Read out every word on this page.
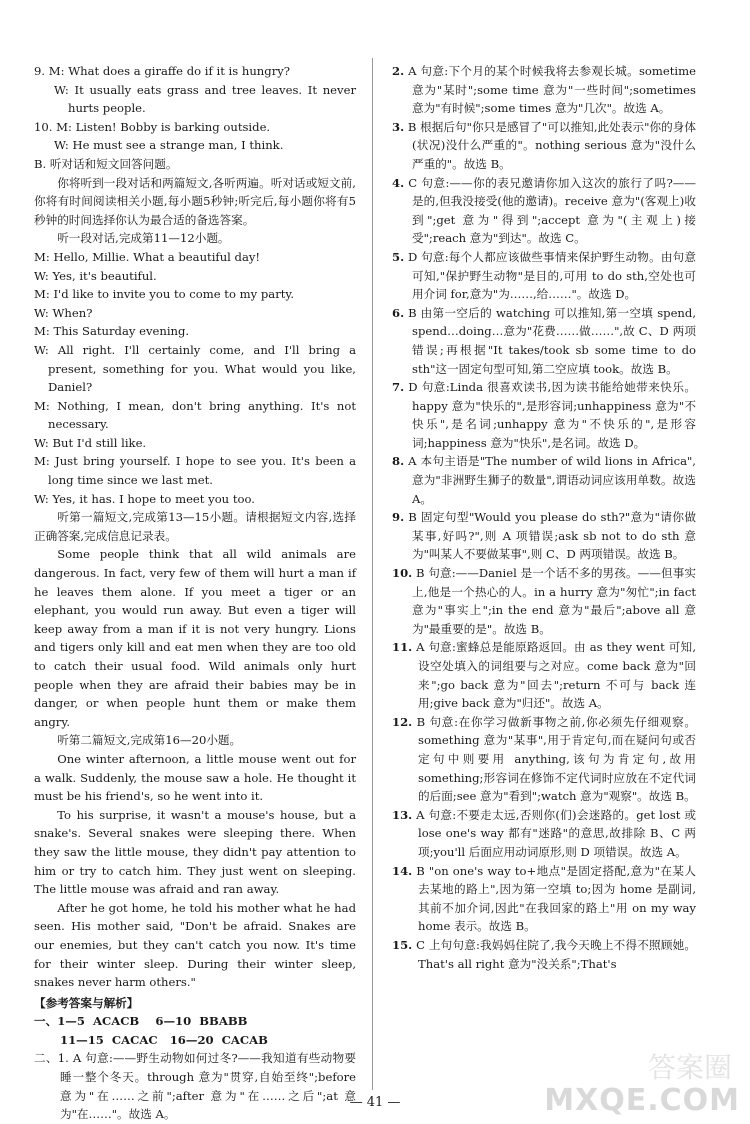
9. M: What does a giraffe do if it is hungry?

W: It usually eats grass and tree leaves. It never hurts people.

10. M: Listen! Bobby is barking outside.

W: He must see a strange man, I think.

B. 听对话和短文回答问题。

你将听到一段对话和两篇短文,各听两遍。听对话或短文前,你将有时间阅读相关小题,每小题5秒钟;听完后,每小题你将有5秒钟的时间选择你认为最合适的备选答案。

听一段对话,完成第11—12小题。

M: Hello, Millie. What a beautiful day!

W: Yes, it's beautiful.

M: I'd like to invite you to come to my party.

W: When?

M: This Saturday evening.

W: All right. I'll certainly come, and I'll bring a present, something for you. What would you like, Daniel?

M: Nothing, I mean, don't bring anything. It's not necessary.

W: But I'd still like.

M: Just bring yourself. I hope to see you. It's been a long time since we last met.

W: Yes, it has. I hope to meet you too.

听第一篇短文,完成第13—15小题。请根据短文内容,选择正确答案,完成信息记录表。

Some people think that all wild animals are dangerous. In fact, very few of them will hurt a man if he leaves them alone. If you meet a tiger or an elephant, you would run away. But even a tiger will keep away from a man if it is not very hungry. Lions and tigers only kill and eat men when they are too old to catch their usual food. Wild animals only hurt people when they are afraid their babies may be in danger, or when people hunt them or make them angry.

听第二篇短文,完成第16—20小题。

One winter afternoon, a little mouse went out for a walk. Suddenly, the mouse saw a hole. He thought it must be his friend's, so he went into it.

To his surprise, it wasn't a mouse's house, but a snake's. Several snakes were sleeping there. When they saw the little mouse, they didn't pay attention to him or try to catch him. They just went on sleeping. The little mouse was afraid and ran away.

After he got home, he told his mother what he had seen. His mother said, "Don't be afraid. Snakes are our enemies, but they can't catch you now. It's time for their winter sleep. During their winter sleep, snakes never harm others."

【参考答案与解析】

一、1—5  ACACB    6—10  BBABB

11—15  CACAC   16—20  CACAB

二、1. A 句意:——野生动物如何过冬?——我知道有些动物要睡一整个冬天。through 意为"贯穿,自始至终";before 意为"在……之前";after 意为"在……之后";at 意为"在……"。故选 A。

2. A 句意:下个月的某个时候我将去参观长城。sometime 意为"某时";some time 意为"一些时间";sometimes 意为"有时候";some times 意为"几次"。故选 A。

3. B 根据后句"你只是感冒了"可以推知,此处表示"你的身体(状况)没什么严重的"。nothing serious 意为"没什么严重的"。故选 B。

4. C 句意:——你的表兄邀请你加入这次的旅行了吗?——是的,但我没接受(他的邀请)。receive 意为"(客观上)收到";get 意为"得到";accept 意为"(主观上)接受";reach 意为"到达"。故选 C。

5. D 句意:每个人都应该做些事情来保护野生动物。由句意可知,"保护野生动物"是目的,可用 to do sth,空处也可用介词 for,意为"为……,给……"。故选 D。

6. B 由第一空后的 watching 可以推知,第一空填 spend, spend…doing…意为"花费……做……",故 C、D 两项错误;再根据"It takes/took sb some time to do sth"这一固定句型可知,第二空应填 took。故选 B。

7. D 句意:Linda 很喜欢读书,因为读书能给她带来快乐。happy 意为"快乐的",是形容词;unhappiness 意为"不快乐",是名词;unhappy 意为"不快乐的",是形容词;happiness 意为"快乐",是名词。故选 D。

8. A 本句主语是"The number of wild lions in Africa",意为"非洲野生狮子的数量",谓语动词应该用单数。故选 A。

9. B 固定句型"Would you please do sth?"意为"请你做某事,好吗?",则 A 项错误;ask sb not to do sth 意为"叫某人不要做某事",则 C、D 两项错误。故选 B。

10. B 句意:——Daniel 是一个话不多的男孩。——但事实上,他是一个热心的人。in a hurry 意为"匆忙";in fact 意为"事实上";in the end 意为"最后";above all 意为"最重要的是"。故选 B。

11. A 句意:蜜蜂总是能原路返回。由 as they went 可知,设空处填入的词组要与之对应。come back 意为"回来";go back 意为"回去";return 不可与 back 连用;give back 意为"归还"。故选 A。

12. B 句意:在你学习做新事物之前,你必须先仔细观察。something 意为"某事",用于肯定句,而在疑问句或否定句中则要用 anything,该句为肯定句,故用 something;形容词在修饰不定代词时应放在不定代词的后面;see 意为"看到";watch 意为"观察"。故选 B。

13. A 句意:不要走太远,否则你(们)会迷路的。get lost 或 lose one's way 都有"迷路"的意思,故排除 B、C 两项;you'll 后面应用动词原形,则 D 项错误。故选 A。

14. B "on one's way to+地点"是固定搭配,意为"在某人去某地的路上",因为第一空填 to;因为 home 是副词,其前不加介词,因此"在我回家的路上"用 on my way home 表示。故选 B。

15. C 上句句意:我妈妈住院了,我今天晚上不得不照顾她。That's all right 意为"没关系";That's

— 41 —
答案圈
MXQE.COM
